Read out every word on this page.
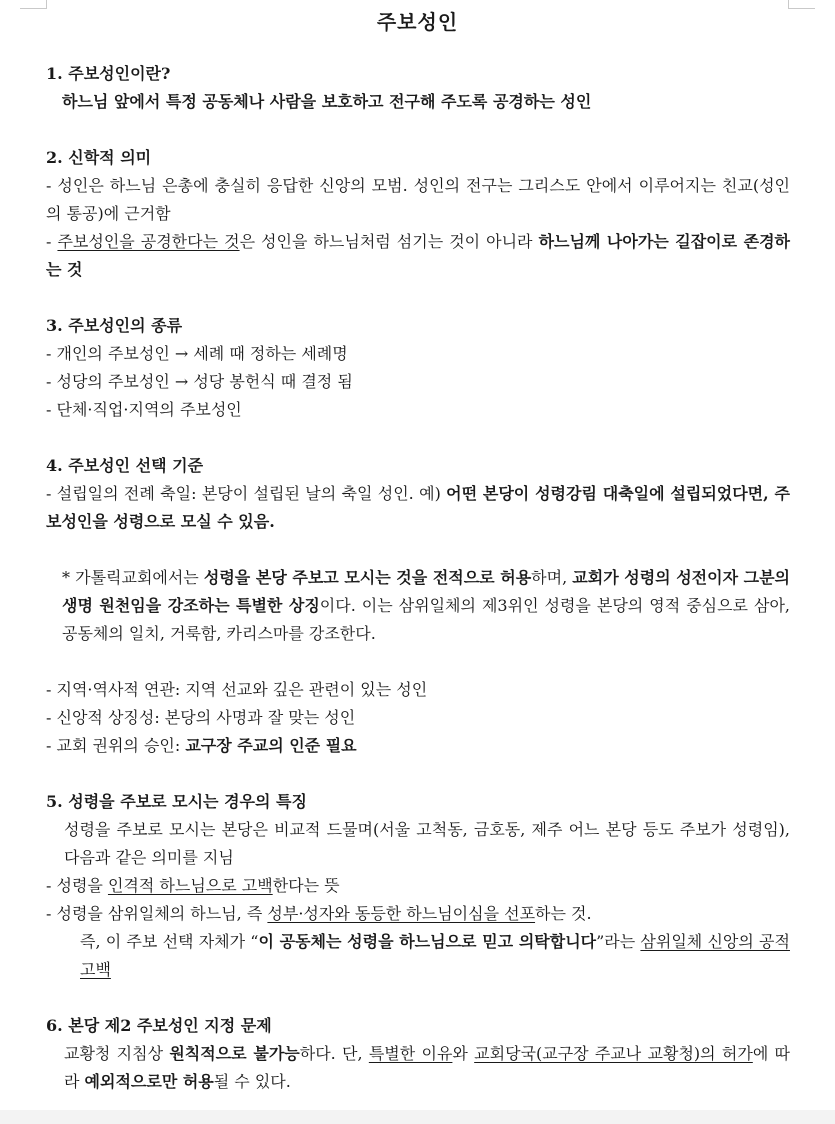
주보성인

1. 주보성인이란?

하느님 앞에서 특정 공동체나 사람을 보호하고 전구해 주도록 공경하는 성인

2. 신학적 의미

- 성인은 하느님 은총에 충실히 응답한 신앙의 모범. 성인의 전구는 그리스도 안에서 이루어지는 친교(성인의 통공)에 근거함

- 주보성인을 공경한다는 것은 성인을 하느님처럼 섬기는 것이 아니라 하느님께 나아가는 길잡이로 존경하는 것

3. 주보성인의 종류

- 개인의 주보성인 → 세례 때 정하는 세례명

- 성당의 주보성인 → 성당 봉헌식 때 결정 됨

- 단체·직업·지역의 주보성인

4. 주보성인 선택 기준

- 설립일의 전례 축일: 본당이 설립된 날의 축일 성인. 예) 어떤 본당이 성령강림 대축일에 설립되었다면, 주보성인을 성령으로 모실 수 있음.

* 가톨릭교회에서는 성령을 본당 주보고 모시는 것을 전적으로 허용하며, 교회가 성령의 성전이자 그분의 생명 원천임을 강조하는 특별한 상징이다. 이는 삼위일체의 제3위인 성령을 본당의 영적 중심으로 삼아, 공동체의 일치, 거룩함, 카리스마를 강조한다.

- 지역·역사적 연관: 지역 선교와 깊은 관련이 있는 성인

- 신앙적 상징성: 본당의 사명과 잘 맞는 성인

- 교회 권위의 승인: 교구장 주교의 인준 필요

5. 성령을 주보로 모시는 경우의 특징

성령을 주보로 모시는 본당은 비교적 드물며(서울 고척동, 금호동, 제주 어느 본당 등도 주보가 성령임), 다음과 같은 의미를 지님

- 성령을 인격적 하느님으로 고백한다는 뜻

- 성령을 삼위일체의 하느님, 즉 성부·성자와 동등한 하느님이심을 선포하는 것.

즉, 이 주보 선택 자체가 “이 공동체는 성령을 하느님으로 믿고 의탁합니다”라는 삼위일체 신앙의 공적 고백

6. 본당 제2 주보성인 지정 문제

교황청 지침상 원칙적으로 불가능하다. 단, 특별한 이유와 교회당국(교구장 주교나 교황청)의 허가에 따라 예외적으로만 허용될 수 있다.
